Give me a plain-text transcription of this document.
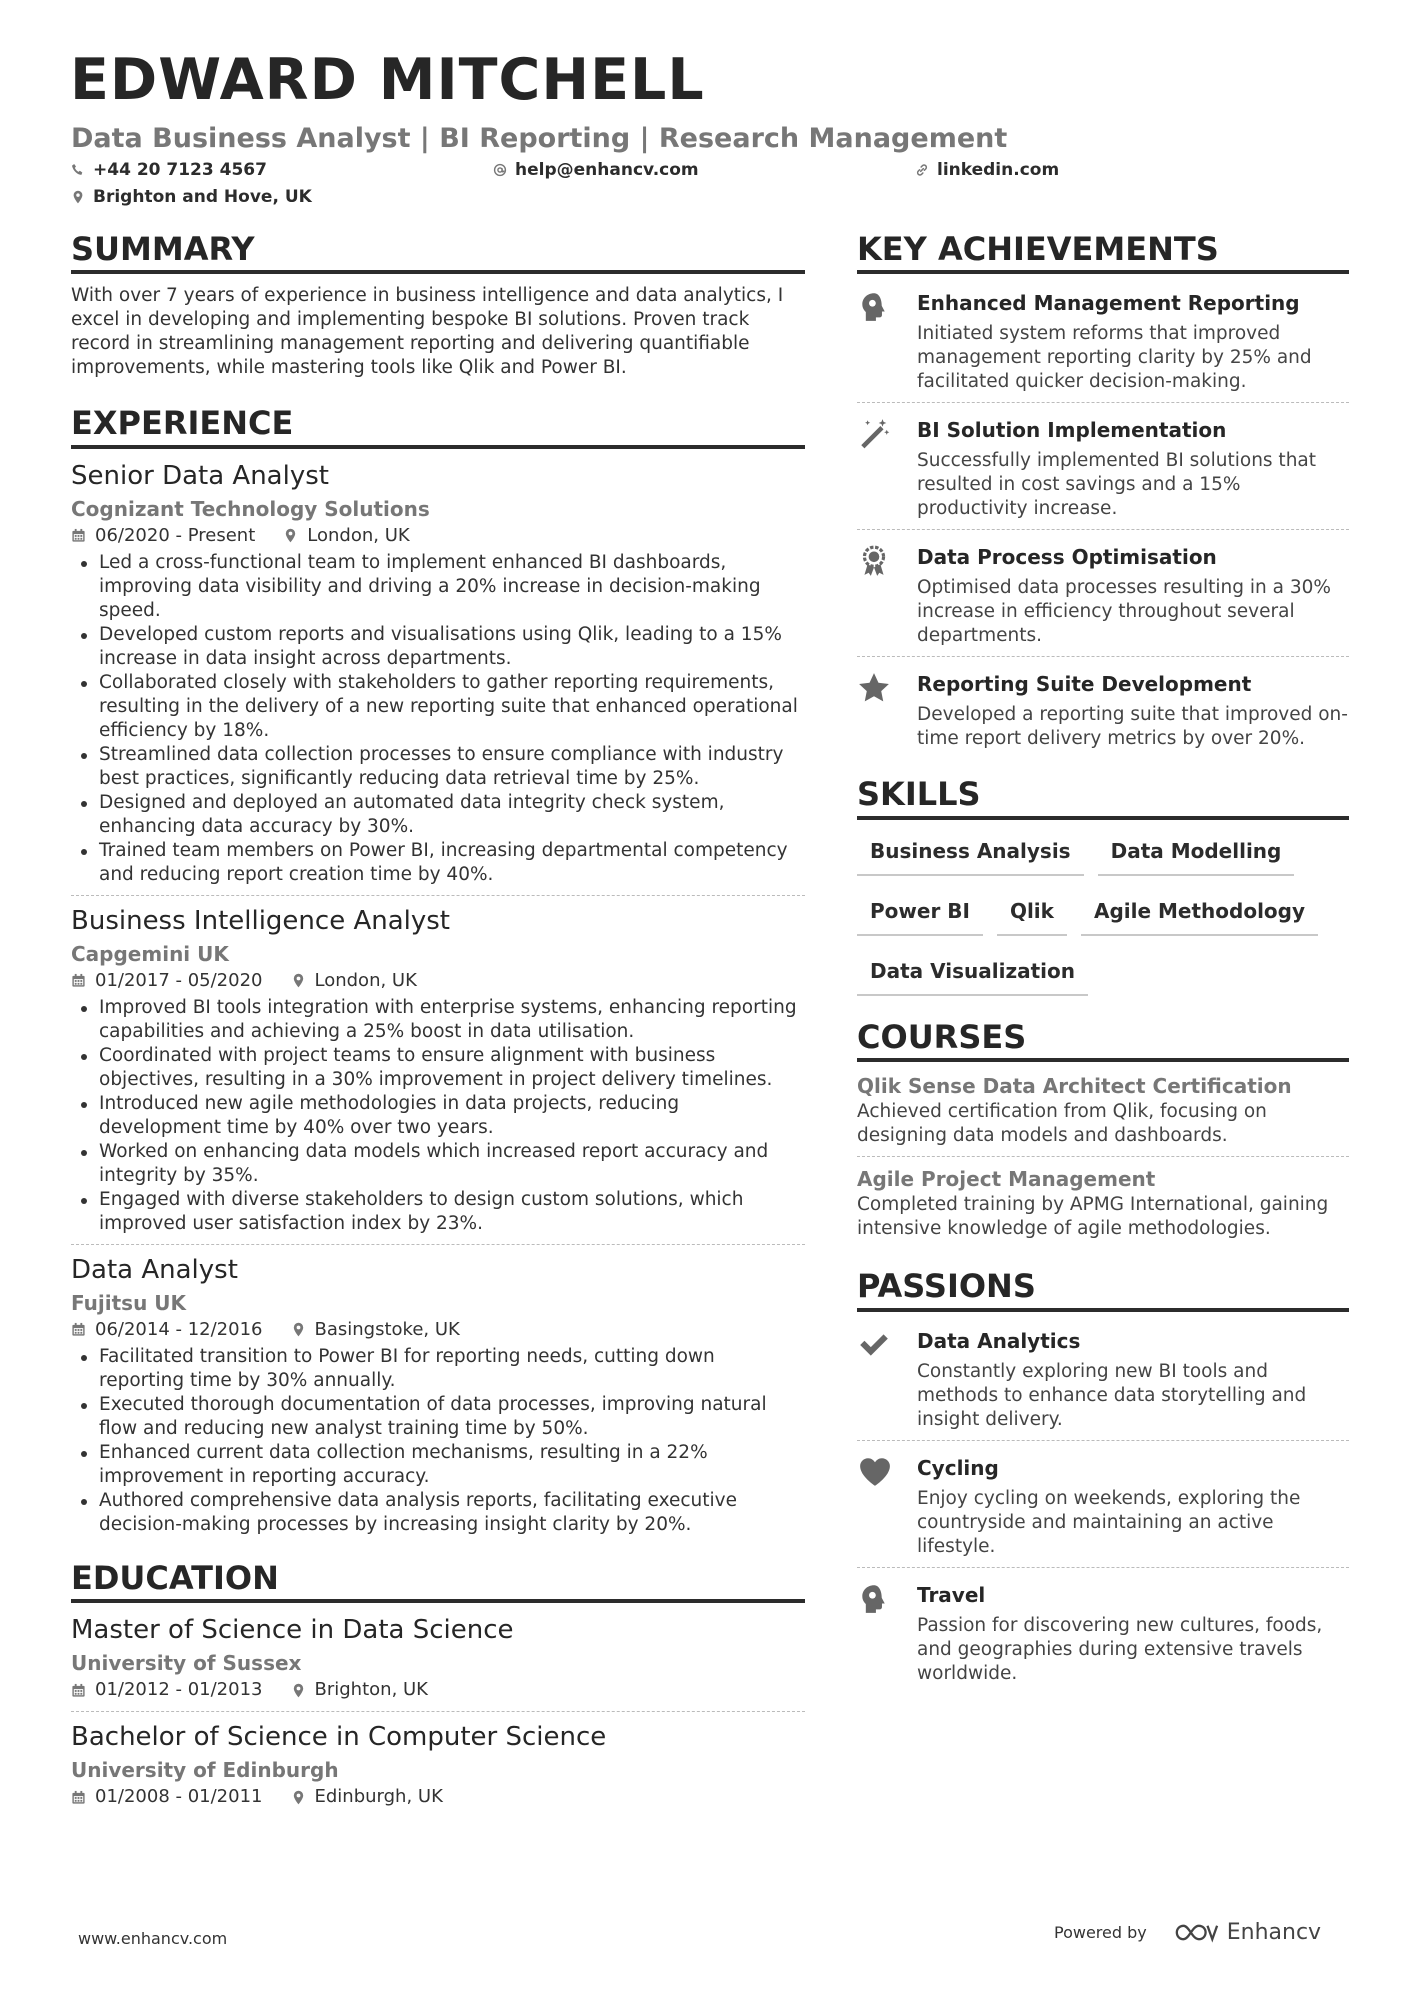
EDWARD MITCHELL
Data Business Analyst | BI Reporting | Research Management
+44 20 7123 4567	help@enhancv.com	linkedin.com
Brighton and Hove, UK
SUMMARY
With over 7 years of experience in business intelligence and data analytics, I excel in developing and implementing bespoke BI solutions. Proven track record in streamlining management reporting and delivering quantifiable improvements, while mastering tools like Qlik and Power BI.
EXPERIENCE
Senior Data Analyst
Cognizant Technology Solutions
06/2020 - Present	London, UK
Led a cross-functional team to implement enhanced BI dashboards, improving data visibility and driving a 20% increase in decision-making speed.
Developed custom reports and visualisations using Qlik, leading to a 15% increase in data insight across departments.
Collaborated closely with stakeholders to gather reporting requirements, resulting in the delivery of a new reporting suite that enhanced operational efficiency by 18%.
Streamlined data collection processes to ensure compliance with industry best practices, significantly reducing data retrieval time by 25%.
Designed and deployed an automated data integrity check system, enhancing data accuracy by 30%.
Trained team members on Power BI, increasing departmental competency and reducing report creation time by 40%.
Business Intelligence Analyst
Capgemini UK
01/2017 - 05/2020	London, UK
Improved BI tools integration with enterprise systems, enhancing reporting capabilities and achieving a 25% boost in data utilisation.
Coordinated with project teams to ensure alignment with business objectives, resulting in a 30% improvement in project delivery timelines.
Introduced new agile methodologies in data projects, reducing development time by 40% over two years.
Worked on enhancing data models which increased report accuracy and integrity by 35%.
Engaged with diverse stakeholders to design custom solutions, which improved user satisfaction index by 23%.
Data Analyst
Fujitsu UK
06/2014 - 12/2016	Basingstoke, UK
Facilitated transition to Power BI for reporting needs, cutting down reporting time by 30% annually.
Executed thorough documentation of data processes, improving natural flow and reducing new analyst training time by 50%.
Enhanced current data collection mechanisms, resulting in a 22% improvement in reporting accuracy.
Authored comprehensive data analysis reports, facilitating executive decision-making processes by increasing insight clarity by 20%.
EDUCATION
Master of Science in Data Science
University of Sussex
01/2012 - 01/2013	Brighton, UK
Bachelor of Science in Computer Science
University of Edinburgh
01/2008 - 01/2011	Edinburgh, UK
KEY ACHIEVEMENTS
Enhanced Management Reporting
Initiated system reforms that improved management reporting clarity by 25% and facilitated quicker decision-making.
BI Solution Implementation
Successfully implemented BI solutions that resulted in cost savings and a 15% productivity increase.
Data Process Optimisation
Optimised data processes resulting in a 30% increase in efficiency throughout several departments.
Reporting Suite Development
Developed a reporting suite that improved on-time report delivery metrics by over 20%.
SKILLS
Business Analysis	Data Modelling
Power BI	Qlik	Agile Methodology
Data Visualization
COURSES
Qlik Sense Data Architect Certification
Achieved certification from Qlik, focusing on designing data models and dashboards.
Agile Project Management
Completed training by APMG International, gaining intensive knowledge of agile methodologies.
PASSIONS
Data Analytics
Constantly exploring new BI tools and methods to enhance data storytelling and insight delivery.
Cycling
Enjoy cycling on weekends, exploring the countryside and maintaining an active lifestyle.
Travel
Passion for discovering new cultures, foods, and geographies during extensive travels worldwide.
www.enhancv.com	Powered by	Enhancv
